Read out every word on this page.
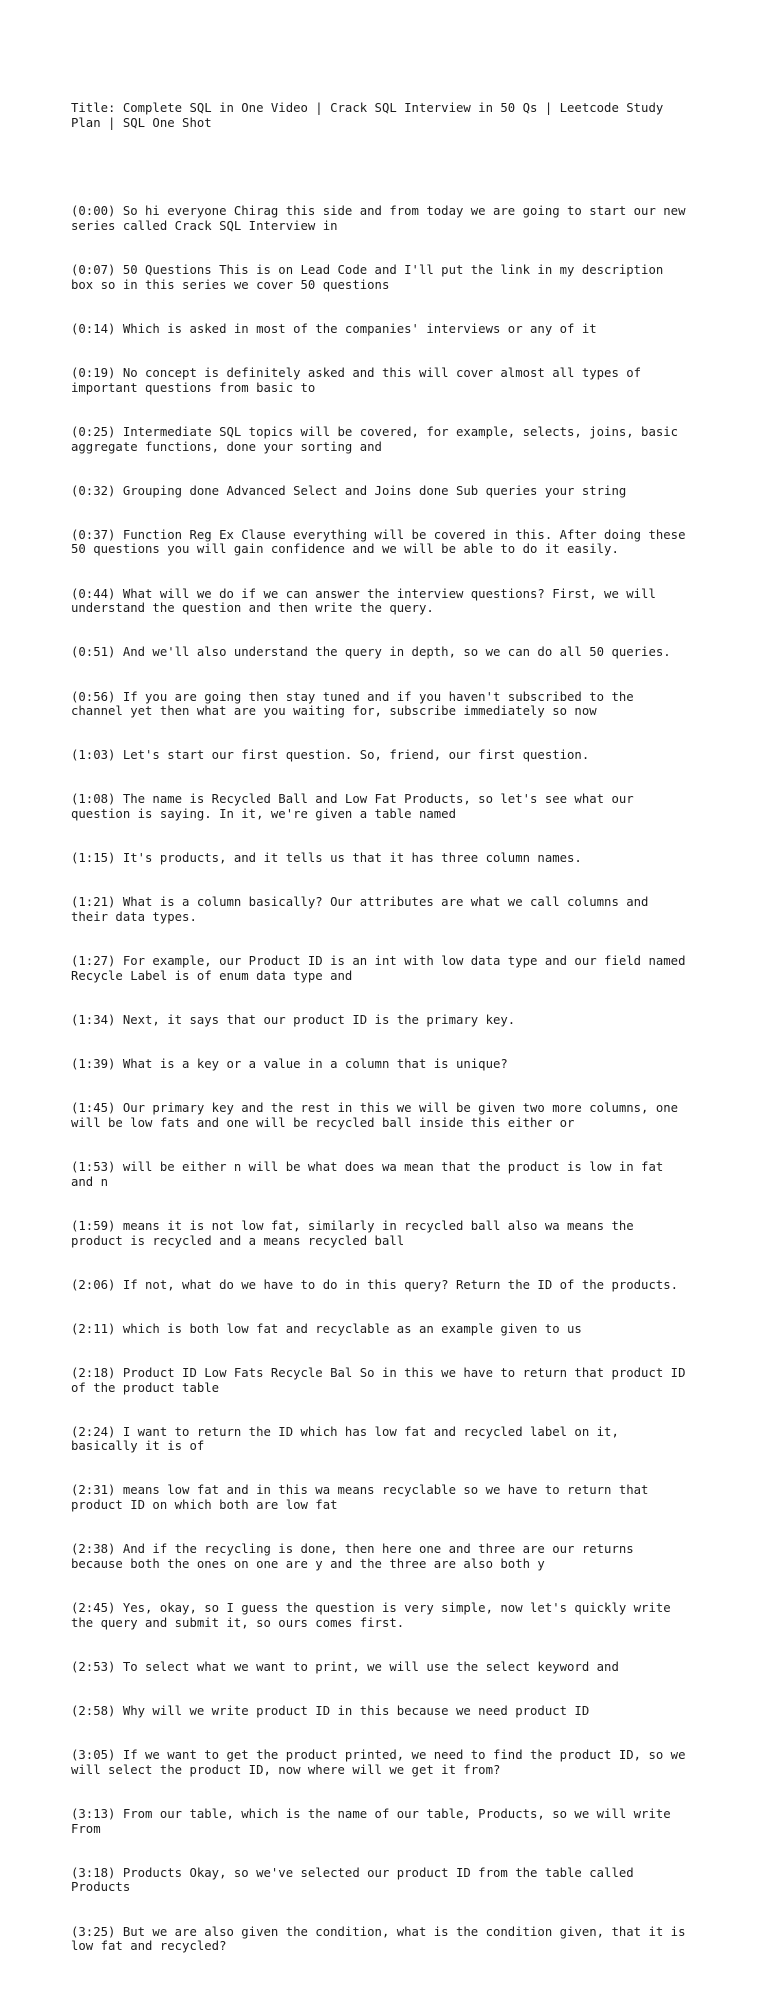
Title: Complete SQL in One Video | Crack SQL Interview in 50 Qs | Leetcode Study
Plan | SQL One Shot

(0:00) So hi everyone Chirag this side and from today we are going to start our new
series called Crack SQL Interview in

(0:07) 50 Questions This is on Lead Code and I'll put the link in my description
box so in this series we cover 50 questions

(0:14) Which is asked in most of the companies' interviews or any of it

(0:19) No concept is definitely asked and this will cover almost all types of
important questions from basic to

(0:25) Intermediate SQL topics will be covered, for example, selects, joins, basic
aggregate functions, done your sorting and

(0:32) Grouping done Advanced Select and Joins done Sub queries your string

(0:37) Function Reg Ex Clause everything will be covered in this. After doing these
50 questions you will gain confidence and we will be able to do it easily.

(0:44) What will we do if we can answer the interview questions? First, we will
understand the question and then write the query.

(0:51) And we'll also understand the query in depth, so we can do all 50 queries.

(0:56) If you are going then stay tuned and if you haven't subscribed to the
channel yet then what are you waiting for, subscribe immediately so now

(1:03) Let's start our first question. So, friend, our first question.

(1:08) The name is Recycled Ball and Low Fat Products, so let's see what our
question is saying. In it, we're given a table named

(1:15) It's products, and it tells us that it has three column names.

(1:21) What is a column basically? Our attributes are what we call columns and
their data types.

(1:27) For example, our Product ID is an int with low data type and our field named
Recycle Label is of enum data type and

(1:34) Next, it says that our product ID is the primary key.

(1:39) What is a key or a value in a column that is unique?

(1:45) Our primary key and the rest in this we will be given two more columns, one
will be low fats and one will be recycled ball inside this either or

(1:53) will be either n will be what does wa mean that the product is low in fat
and n

(1:59) means it is not low fat, similarly in recycled ball also wa means the
product is recycled and a means recycled ball

(2:06) If not, what do we have to do in this query? Return the ID of the products.

(2:11) which is both low fat and recyclable as an example given to us

(2:18) Product ID Low Fats Recycle Bal So in this we have to return that product ID
of the product table

(2:24) I want to return the ID which has low fat and recycled label on it,
basically it is of

(2:31) means low fat and in this wa means recyclable so we have to return that
product ID on which both are low fat

(2:38) And if the recycling is done, then here one and three are our returns
because both the ones on one are y and the three are also both y

(2:45) Yes, okay, so I guess the question is very simple, now let's quickly write
the query and submit it, so ours comes first.

(2:53) To select what we want to print, we will use the select keyword and

(2:58) Why will we write product ID in this because we need product ID

(3:05) If we want to get the product printed, we need to find the product ID, so we
will select the product ID, now where will we get it from?

(3:13) From our table, which is the name of our table, Products, so we will write
From

(3:18) Products Okay, so we've selected our product ID from the table called
Products

(3:25) But we are also given the condition, what is the condition given, that it is
low fat and recycled?
